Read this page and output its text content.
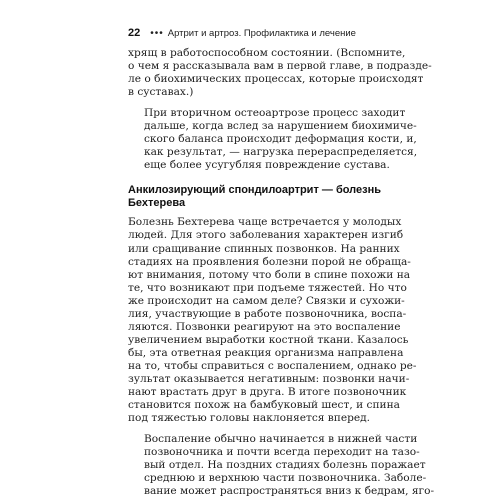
22 ••• Артрит и артроз. Профилактика и лечение

хрящ в работоспособном состоянии. (Вспомните,
о чем я рассказывала вам в первой главе, в подразде-
ле о биохимических процессах, которые происходят
в суставах.)

При вторичном остеоартрозе процесс заходит
дальше, когда вслед за нарушением биохимиче-
ского баланса происходит деформация кости, и,
как результат, — нагрузка перераспределяется,
еще более усугубляя повреждение сустава.

Анкилозирующий спондилоартрит — болезнь
Бехтерева

Болезнь Бехтерева чаще встречается у молодых
людей. Для этого заболевания характерен изгиб
или сращивание спинных позвонков. На ранних
стадиях на проявления болезни порой не обраща-
ют внимания, потому что боли в спине похожи на
те, что возникают при подъеме тяжестей. Но что
же происходит на самом деле? Связки и сухожи-
лия, участвующие в работе позвоночника, воспа-
ляются. Позвонки реагируют на это воспаление
увеличением выработки костной ткани. Казалось
бы, эта ответная реакция организма направлена
на то, чтобы справиться с воспалением, однако ре-
зультат оказывается негативным: позвонки начи-
нают врастать друг в друга. В итоге позвоночник
становится похож на бамбуковый шест, и спина
под тяжестью головы наклоняется вперед.

Воспаление обычно начинается в нижней части
позвоночника и почти всегда переходит на тазо-
вый отдел. На поздних стадиях болезнь поражает
среднюю и верхнюю части позвоночника. Заболе-
вание может распространяться вниз к бедрам, яго-
